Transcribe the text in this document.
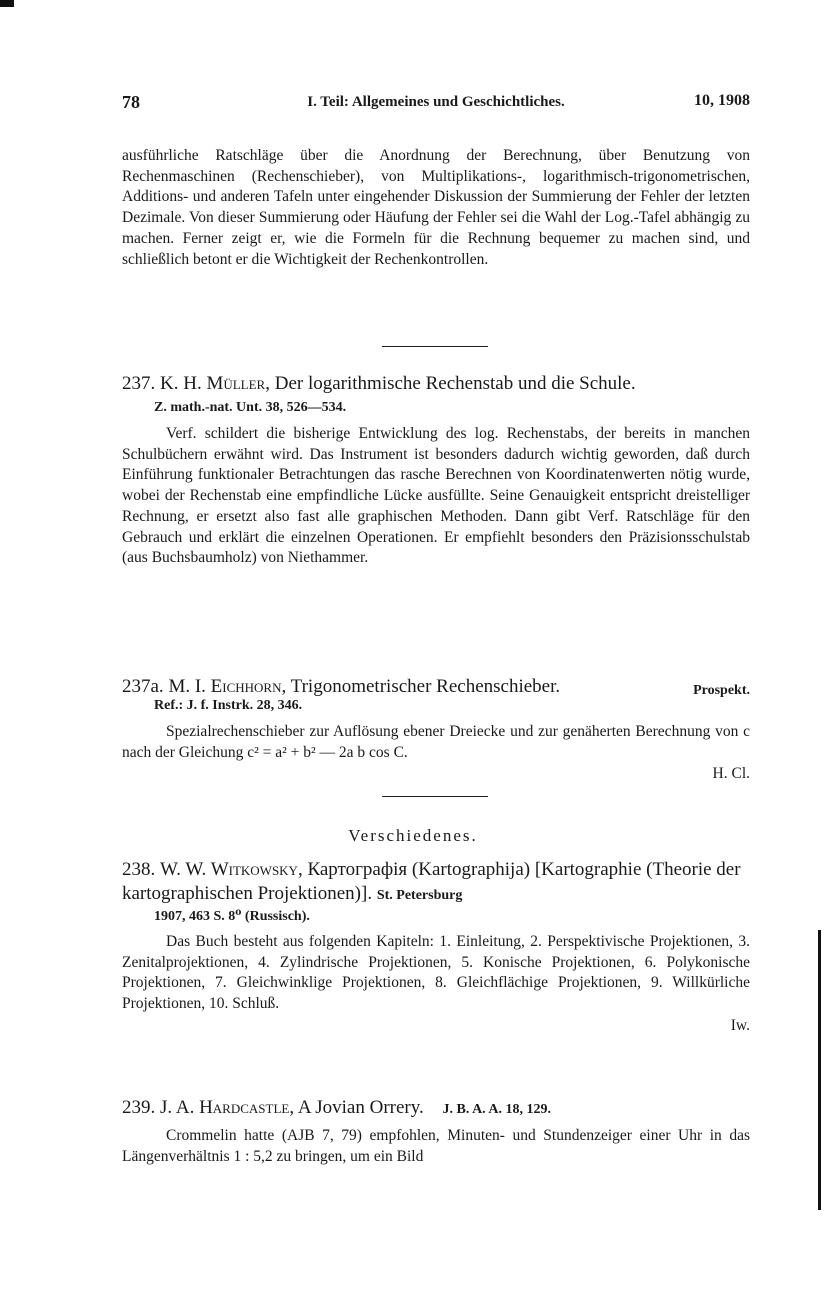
78	I. Teil: Allgemeines und Geschichtliches.	10, 1908
ausführliche Ratschläge über die Anordnung der Berechnung, über Benutzung von Rechenmaschinen (Rechenschieber), von Multiplikations-, logarithmisch-trigonometrischen, Additions- und anderen Tafeln unter eingehender Diskussion der Summierung der Fehler der letzten Dezimale. Von dieser Summierung oder Häufung der Fehler sei die Wahl der Log.-Tafel abhängig zu machen. Ferner zeigt er, wie die Formeln für die Rechnung bequemer zu machen sind, und schließlich betont er die Wichtigkeit der Rechenkontrollen.
237. K. H. Müller, Der logarithmische Rechenstab und die Schule.
Z. math.-nat. Unt. 38, 526—534.
Verf. schildert die bisherige Entwicklung des log. Rechenstabs, der bereits in manchen Schulbüchern erwähnt wird. Das Instrument ist besonders dadurch wichtig geworden, daß durch Einführung funktionaler Betrachtungen das rasche Berechnen von Koordinatenwerten nötig wurde, wobei der Rechenstab eine empfindliche Lücke ausfüllte. Seine Genauigkeit entspricht dreistelliger Rechnung, er ersetzt also fast alle graphischen Methoden. Dann gibt Verf. Ratschläge für den Gebrauch und erklärt die einzelnen Operationen. Er empfiehlt besonders den Präzisionsschulstab (aus Buchsbaumholz) von Niethammer.
Prospekt.
237a. M. I. Eichhorn, Trigonometrischer Rechenschieber.
Ref.: J. f. Instrk. 28, 346.
Spezialrechenschieber zur Auflösung ebener Dreiecke und zur genäherten Berechnung von c nach der Gleichung c² = a² + b² — 2a b cos C.
H. Cl.
Verschiedenes.
238. W. W. Witkowsky, Картографія (Kartographija) [Kartographie (Theorie der kartographischen Projektionen)]. St. Petersburg
1907, 463 S. 8⁰ (Russisch).
Das Buch besteht aus folgenden Kapiteln: 1. Einleitung, 2. Perspektivische Projektionen, 3. Zenitalprojektionen, 4. Zylindrische Projektionen, 5. Konische Projektionen, 6. Polykonische Projektionen, 7. Gleichwinklige Projektionen, 8. Gleichflächige Projektionen, 9. Willkürliche Projektionen, 10. Schluß.
Iw.
239. J. A. Hardcastle, A Jovian Orrery. J. B. A. A. 18, 129.
Crommelin hatte (AJB 7, 79) empfohlen, Minuten- und Stundenzeiger einer Uhr in das Längenverhältnis 1 : 5,2 zu bringen, um ein Bild
